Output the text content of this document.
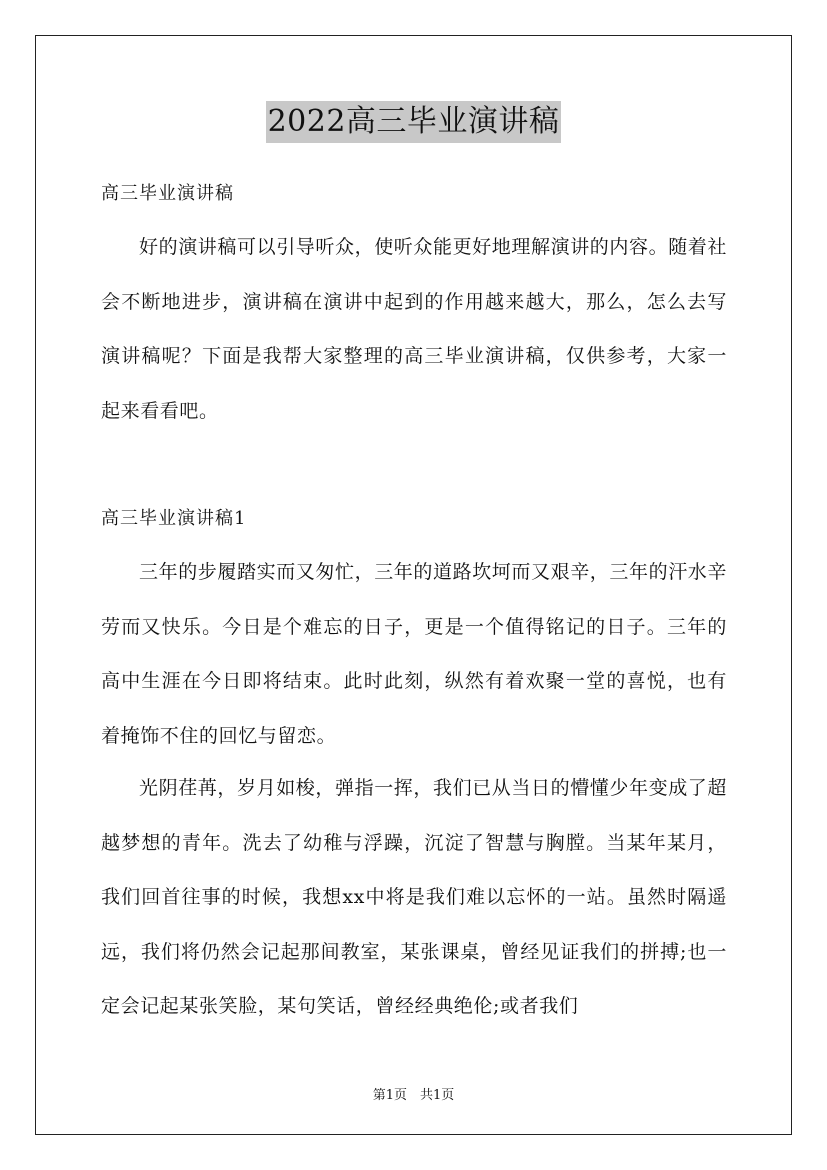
2022高三毕业演讲稿
高三毕业演讲稿
好的演讲稿可以引导听众，使听众能更好地理解演讲的内容。随着社会不断地进步，演讲稿在演讲中起到的作用越来越大，那么，怎么去写演讲稿呢？下面是我帮大家整理的高三毕业演讲稿，仅供参考，大家一起来看看吧。
高三毕业演讲稿1
三年的步履踏实而又匆忙，三年的道路坎坷而又艰辛，三年的汗水辛劳而又快乐。今日是个难忘的日子，更是一个值得铭记的日子。三年的高中生涯在今日即将结束。此时此刻，纵然有着欢聚一堂的喜悦，也有着掩饰不住的回忆与留恋。
光阴荏苒，岁月如梭，弹指一挥，我们已从当日的懵懂少年变成了超越梦想的青年。洗去了幼稚与浮躁，沉淀了智慧与胸膛。当某年某月，我们回首往事的时候，我想xx中将是我们难以忘怀的一站。虽然时隔遥远，我们将仍然会记起那间教室，某张课桌，曾经见证我们的拼搏;也一定会记起某张笑脸，某句笑话，曾经经典绝伦;或者我们
第1页　共1页
